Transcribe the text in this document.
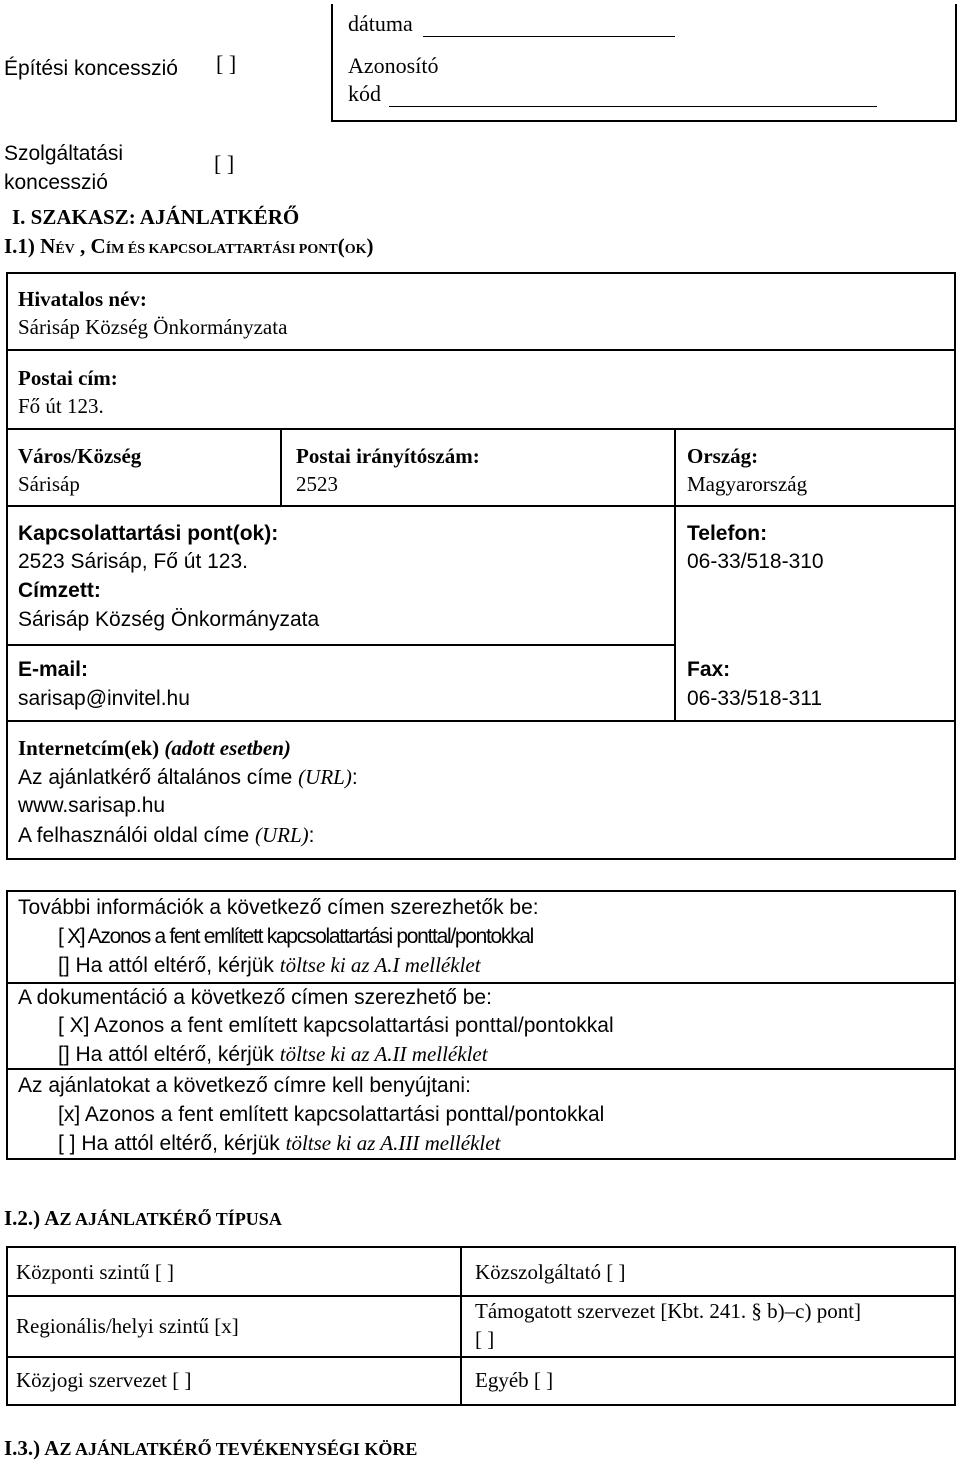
Építési koncesszió [ ]
Szolgáltatási
koncesszió
[ ]
dátuma
Azonosító
kód
I. SZAKASZ: AJÁNLATKÉRŐ
I.1) NÉV , CÍM ÉS KAPCSOLATTARTÁSI PONT(OK)
Hivatalos név:
Sárisáp Község Önkormányzata
Postai cím:
Fő út 123.
Város/Község
Sárisáp
Postai irányítószám:
2523
Ország:
Magyarország
Kapcsolattartási pont(ok):
2523 Sárisáp, Fő út 123.
Címzett:
Sárisáp Község Önkormányzata
Telefon:
06-33/518-310
E-mail:
sarisap@invitel.hu
Fax:
06-33/518-311
Internetcím(ek) (adott esetben)
Az ajánlatkérő általános címe (URL):
www.sarisap.hu
A felhasználói oldal címe (URL):
További információk a következő címen szerezhetők be:
[ X] Azonos a fent említett kapcsolattartási ponttal/pontokkal
[] Ha attól eltérő, kérjük töltse ki az A.I melléklet
A dokumentáció a következő címen szerezhető be:
[ X] Azonos a fent említett kapcsolattartási ponttal/pontokkal
[] Ha attól eltérő, kérjük töltse ki az A.II melléklet
Az ajánlatokat a következő címre kell benyújtani:
[x] Azonos a fent említett kapcsolattartási ponttal/pontokkal
[ ] Ha attól eltérő, kérjük töltse ki az A.III melléklet
I.2.) AZ AJÁNLATKÉRŐ TÍPUSA
Központi szintű [ ]	Közszolgáltató [ ]
Regionális/helyi szintű [x]
Támogatott szervezet [Kbt. 241. § b)–c) pont]
[ ]
Közjogi szervezet [ ]	Egyéb [ ]
I.3.) AZ AJÁNLATKÉRŐ TEVÉKENYSÉGI KÖRE
